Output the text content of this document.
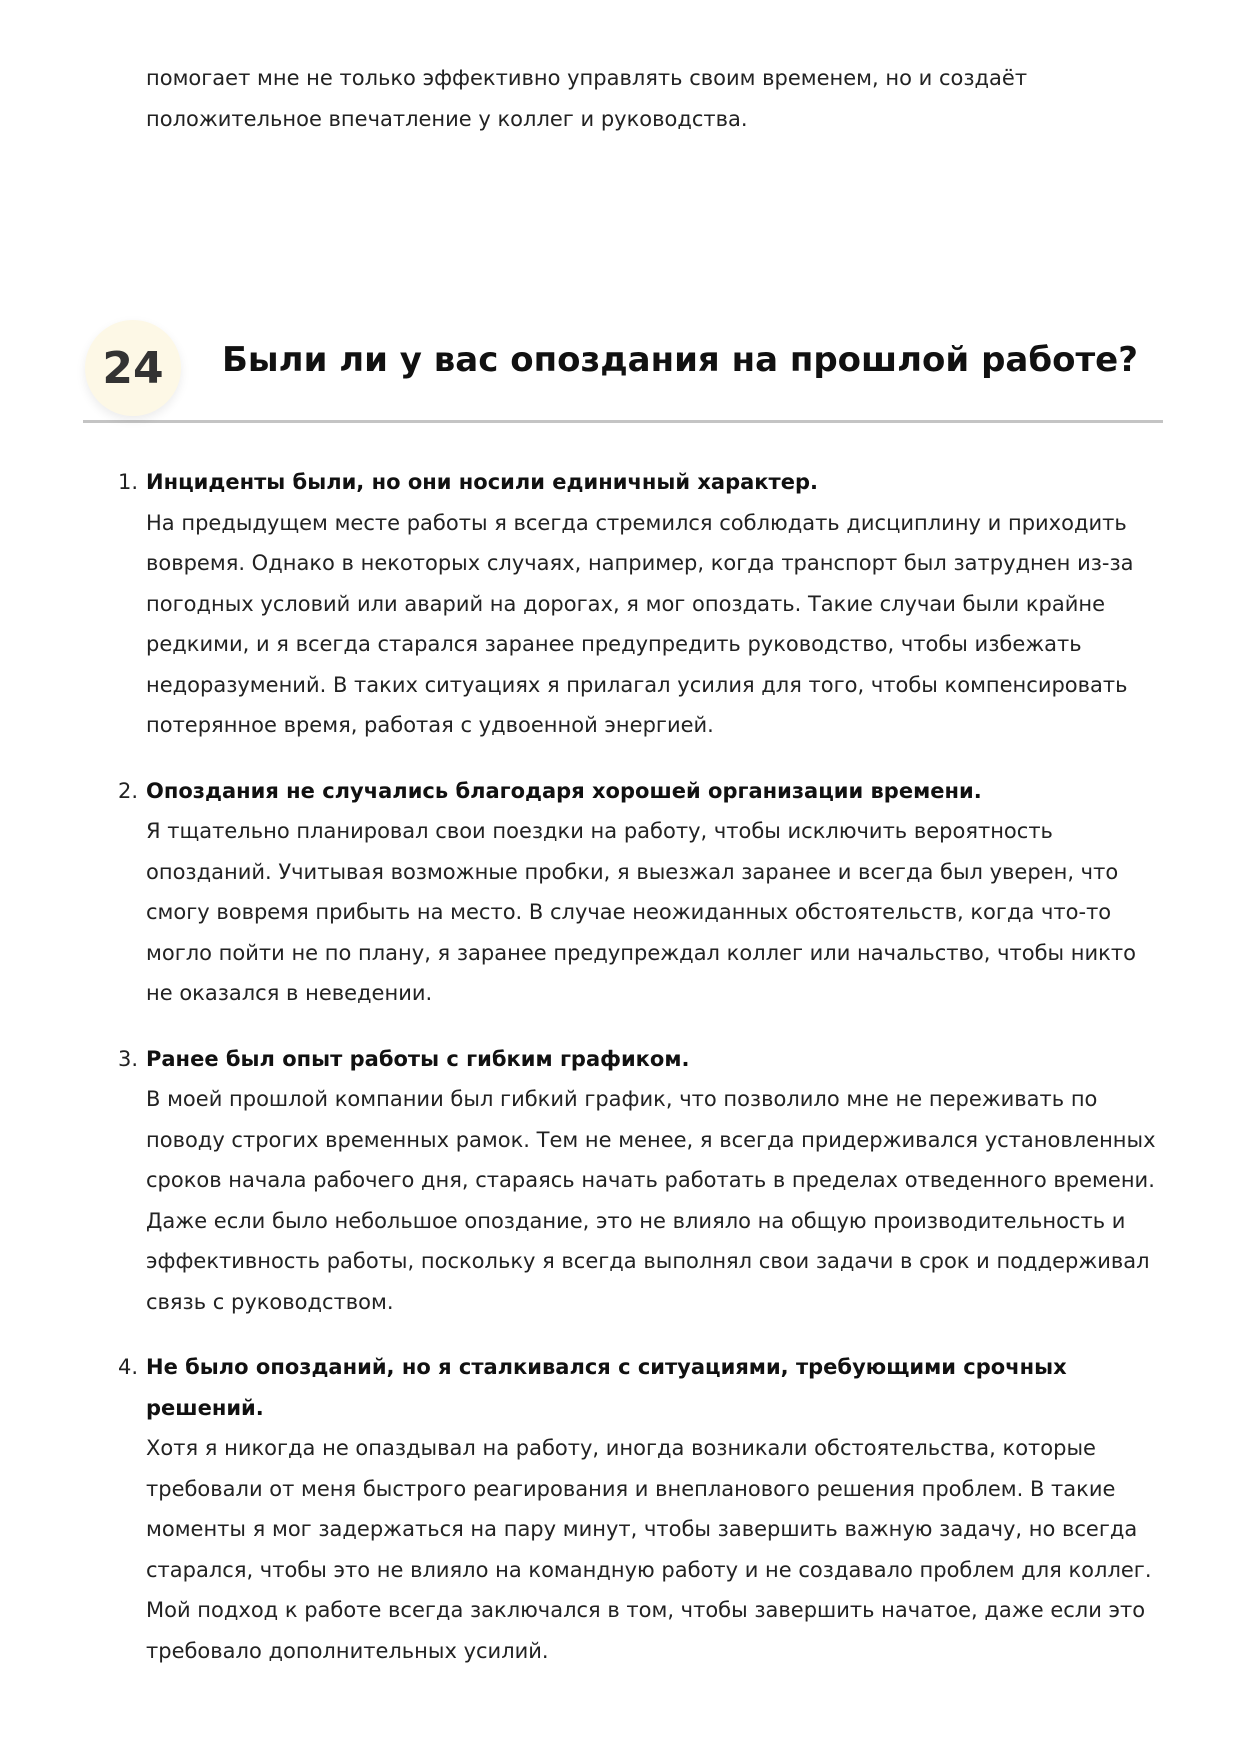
помогает мне не только эффективно управлять своим временем, но и создаёт положительное впечатление у коллег и руководства.

24	Были ли у вас опоздания на прошлой работе?
1. Инциденты были, но они носили единичный характер.

На предыдущем месте работы я всегда стремился соблюдать дисциплину и приходить вовремя. Однако в некоторых случаях, например, когда транспорт был затруднен из-за погодных условий или аварий на дорогах, я мог опоздать. Такие случаи были крайне редкими, и я всегда старался заранее предупредить руководство, чтобы избежать недоразумений. В таких ситуациях я прилагал усилия для того, чтобы компенсировать потерянное время, работая с удвоенной энергией.

2. Опоздания не случались благодаря хорошей организации времени.

Я тщательно планировал свои поездки на работу, чтобы исключить вероятность опозданий. Учитывая возможные пробки, я выезжал заранее и всегда был уверен, что смогу вовремя прибыть на место. В случае неожиданных обстоятельств, когда что-то могло пойти не по плану, я заранее предупреждал коллег или начальство, чтобы никто не оказался в неведении.

3. Ранее был опыт работы с гибким графиком.

В моей прошлой компании был гибкий график, что позволило мне не переживать по поводу строгих временных рамок. Тем не менее, я всегда придерживался установленных сроков начала рабочего дня, стараясь начать работать в пределах отведенного времени. Даже если было небольшое опоздание, это не влияло на общую производительность и эффективность работы, поскольку я всегда выполнял свои задачи в срок и поддерживал связь с руководством.

4. Не было опозданий, но я сталкивался с ситуациями, требующими срочных решений.

Хотя я никогда не опаздывал на работу, иногда возникали обстоятельства, которые требовали от меня быстрого реагирования и внепланового решения проблем. В такие моменты я мог задержаться на пару минут, чтобы завершить важную задачу, но всегда старался, чтобы это не влияло на командную работу и не создавало проблем для коллег. Мой подход к работе всегда заключался в том, чтобы завершить начатое, даже если это требовало дополнительных усилий.
